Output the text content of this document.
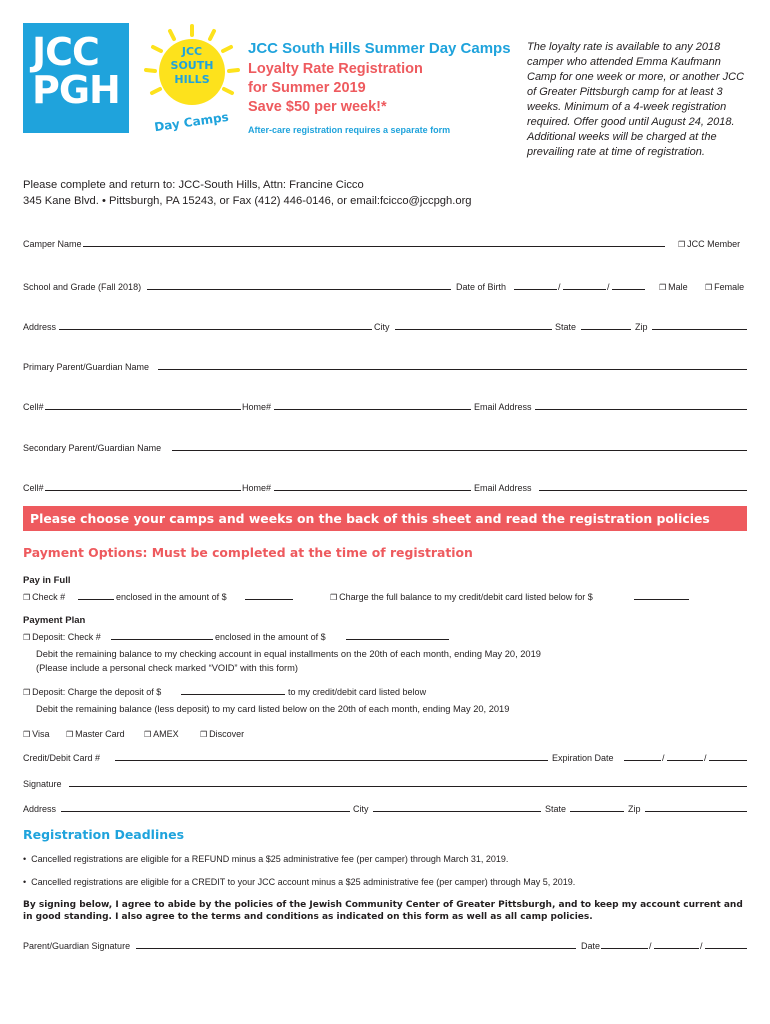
JCC
PGH
JCC
SOUTH
HILLS
Day Camps
JCC South Hills Summer Day Camps
Loyalty Rate Registration
for Summer 2019
Save $50 per week!*
After-care registration requires a separate form
The loyalty rate is available to any 2018 camper who attended Emma Kaufmann Camp for one week or more, or another JCC of Greater Pittsburgh camp for at least 3 weeks. Minimum of a 4-week registration required. Offer good until August 24, 2018. Additional weeks will be charged at the prevailing rate at time of registration.
Please complete and return to: JCC-South Hills, Attn: Francine Cicco
345 Kane Blvd. • Pittsburgh, PA 15243, or Fax (412) 446-0146, or email:fcicco@jccpgh.org
Camper Name	❒ JCC Member
School and Grade (Fall 2018)	Date of Birth	/	/	❒ Male ❒ Female
Address	City	State	Zip
Primary Parent/Guardian Name
Cell#	Home#	Email Address
Secondary Parent/Guardian Name
Cell#	Home#	Email Address
Please choose your camps and weeks on the back of this sheet and read the registration policies
Payment Options: Must be completed at the time of registration
Pay in Full
❒ Check #	enclosed in the amount of $	❒ Charge the full balance to my credit/debit card listed below for $
Payment Plan
❒ Deposit: Check #	enclosed in the amount of $
Debit the remaining balance to my checking account in equal installments on the 20th of each month, ending May 20, 2019
(Please include a personal check marked “VOID” with this form)
❒ Deposit: Charge the deposit of $	to my credit/debit card listed below
Debit the remaining balance (less deposit) to my card listed below on the 20th of each month, ending May 20, 2019
❒ Visa ❒ Master Card ❒ AMEX	❒ Discover
Credit/Debit Card #	Expiration Date	/	/
Signature
Address	City	State	Zip
Registration Deadlines
• Cancelled registrations are eligible for a REFUND minus a $25 administrative fee (per camper) through March 31, 2019.
• Cancelled registrations are eligible for a CREDIT to your JCC account minus a $25 administrative fee (per camper) through May 5, 2019.
By signing below, I agree to abide by the policies of the Jewish Community Center of Greater Pittsburgh, and to keep my account current and in good standing. I also agree to the terms and conditions as indicated on this form as well as all camp policies.
Parent/Guardian Signature	Date	/	/
